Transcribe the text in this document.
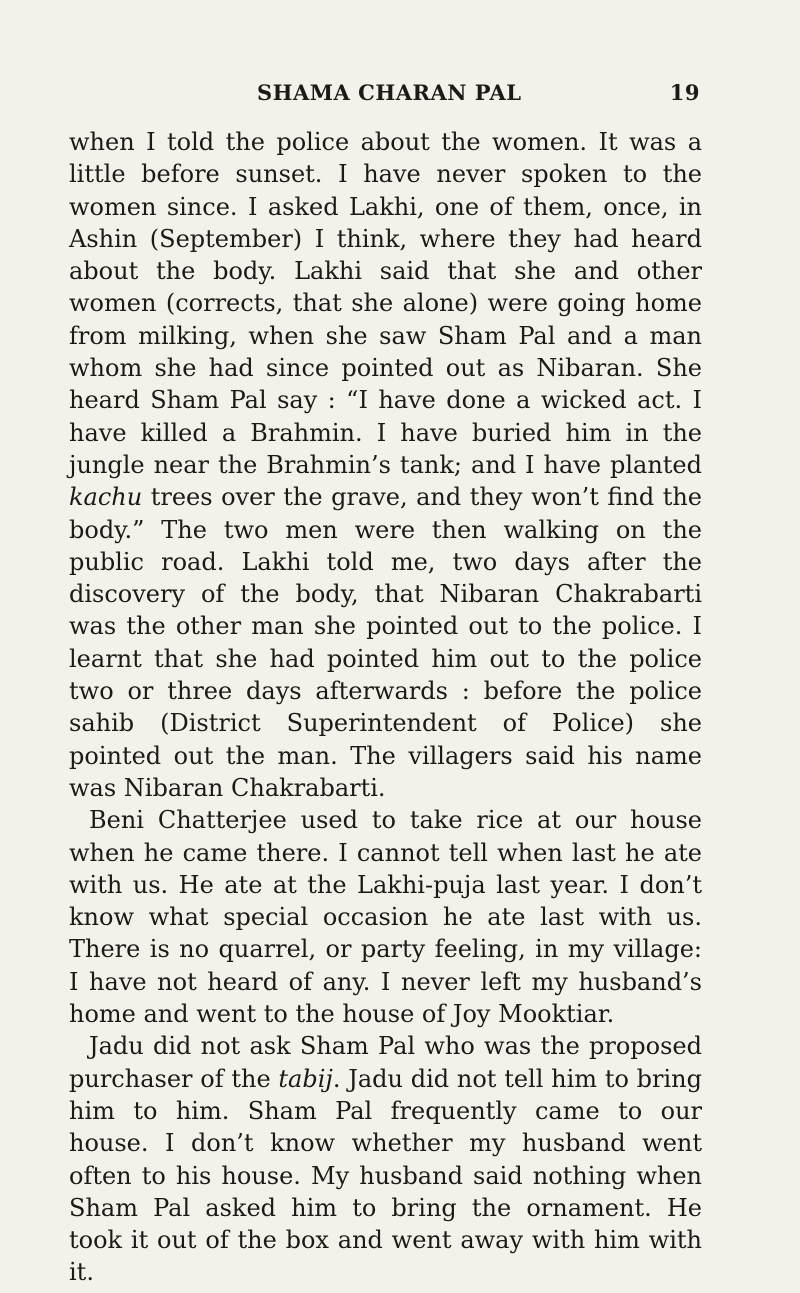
SHAMA CHARAN PAL	19

when I told the police about the women. It was a little before sunset. I have never spoken to the women since. I asked Lakhi, one of them, once, in Ashin (September) I think, where they had heard about the body. Lakhi said that she and other women (corrects, that she alone) were going home from milking, when she saw Sham Pal and a man whom she had since pointed out as Nibaran. She heard Sham Pal say : “I have done a wicked act. I have killed a Brahmin. I have buried him in the jungle near the Brahmin’s tank; and I have planted kachu trees over the grave, and they won’t find the body.” The two men were then walking on the public road. Lakhi told me, two days after the discovery of the body, that Nibaran Chakrabarti was the other man she pointed out to the police. I learnt that she had pointed him out to the police two or three days afterwards : before the police sahib (District Superintendent of Police) she pointed out the man. The villagers said his name was Nibaran Chakrabarti.

Beni Chatterjee used to take rice at our house when he came there. I cannot tell when last he ate with us. He ate at the Lakhi-puja last year. I don’t know what special occasion he ate last with us. There is no quarrel, or party feeling, in my village: I have not heard of any. I never left my husband’s home and went to the house of Joy Mooktiar.

Jadu did not ask Sham Pal who was the proposed purchaser of the tabij. Jadu did not tell him to bring him to him. Sham Pal frequently came to our house. I don’t know whether my husband went often to his house. My husband said nothing when Sham Pal asked him to bring the ornament. He took it out of the box and went away with him with it.
